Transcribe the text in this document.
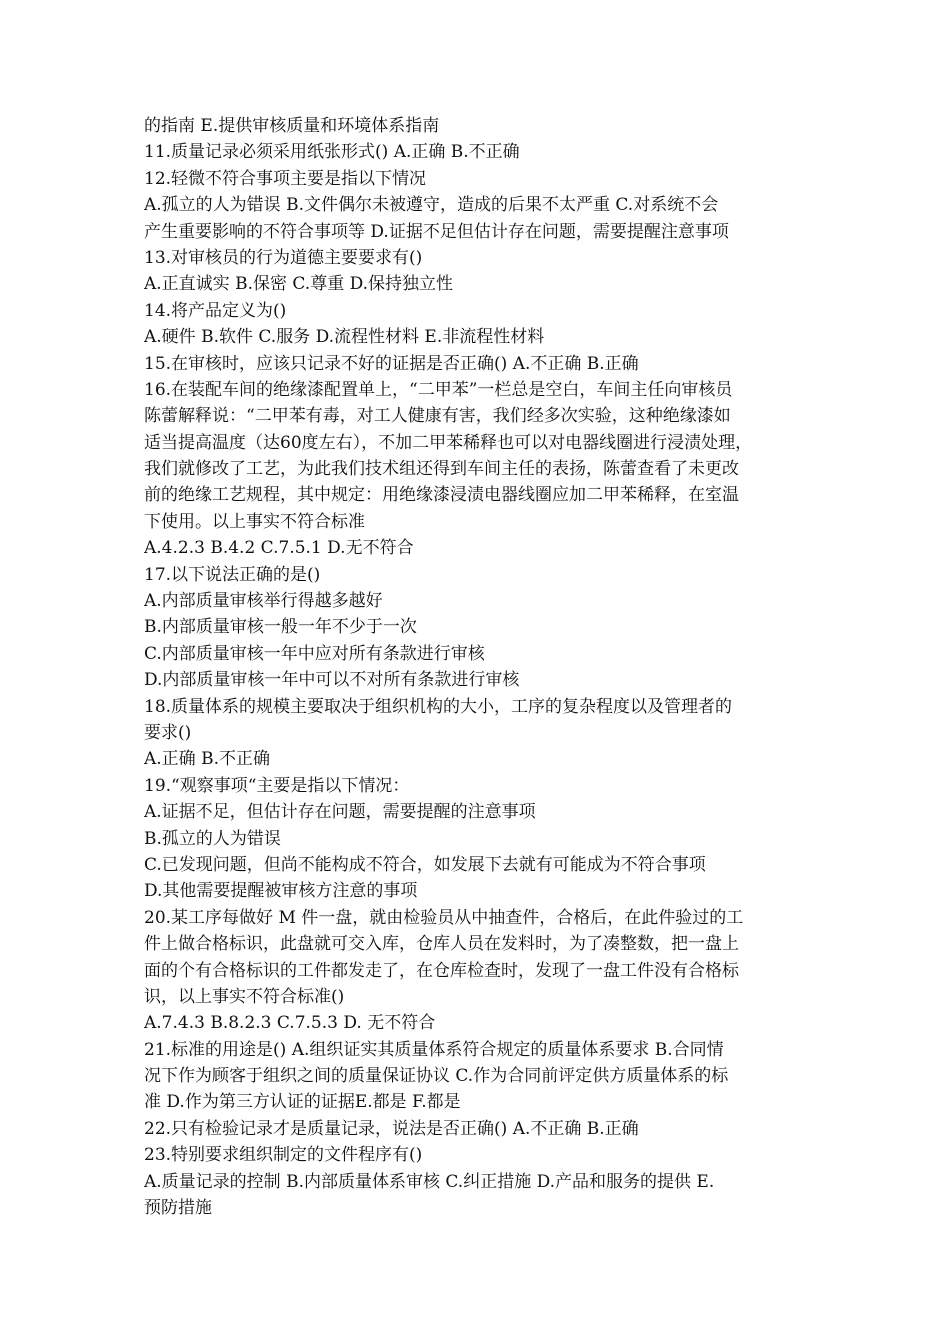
的指南 E.提供审核质量和环境体系指南
11.质量记录必须采用纸张形式() A.正确 B.不正确
12.轻微不符合事项主要是指以下情况
A.孤立的人为错误 B.文件偶尔未被遵守，造成的后果不太严重 C.对系统不会
产生重要影响的不符合事项等 D.证据不足但估计存在问题，需要提醒注意事项
13.对审核员的行为道德主要要求有()
A.正直诚实 B.保密 C.尊重 D.保持独立性
14.将产品定义为()
A.硬件 B.软件 C.服务 D.流程性材料 E.非流程性材料
15.在审核时，应该只记录不好的证据是否正确() A.不正确 B.正确
16.在装配车间的绝缘漆配置单上，“二甲苯”一栏总是空白，车间主任向审核员
陈蕾解释说：“二甲苯有毒，对工人健康有害，我们经多次实验，这种绝缘漆如
适当提高温度（达60度左右），不加二甲苯稀释也可以对电器线圈进行浸渍处理，
我们就修改了工艺，为此我们技术组还得到车间主任的表扬，陈蕾查看了未更改
前的绝缘工艺规程，其中规定：用绝缘漆浸渍电器线圈应加二甲苯稀释，在室温
下使用。以上事实不符合标准
A.4.2.3 B.4.2 C.7.5.1 D.无不符合
17.以下说法正确的是()
A.内部质量审核举行得越多越好
B.内部质量审核一般一年不少于一次
C.内部质量审核一年中应对所有条款进行审核
D.内部质量审核一年中可以不对所有条款进行审核
18.质量体系的规模主要取决于组织机构的大小，工序的复杂程度以及管理者的
要求()
A.正确 B.不正确
19.“观察事项“主要是指以下情况：
A.证据不足，但估计存在问题，需要提醒的注意事项
B.孤立的人为错误
C.已发现问题，但尚不能构成不符合，如发展下去就有可能成为不符合事项
D.其他需要提醒被审核方注意的事项
20.某工序每做好 M 件一盘，就由检验员从中抽查件，合格后，在此件验过的工
件上做合格标识，此盘就可交入库，仓库人员在发料时，为了凑整数，把一盘上
面的个有合格标识的工件都发走了，在仓库检查时，发现了一盘工件没有合格标
识，以上事实不符合标准()
A.7.4.3 B.8.2.3 C.7.5.3 D. 无不符合
21.标准的用途是() A.组织证实其质量体系符合规定的质量体系要求 B.合同情
况下作为顾客于组织之间的质量保证协议 C.作为合同前评定供方质量体系的标
准 D.作为第三方认证的证据E.都是 F.都是
22.只有检验记录才是质量记录，说法是否正确() A.不正确 B.正确
23.特别要求组织制定的文件程序有()
A.质量记录的控制 B.内部质量体系审核 C.纠正措施 D.产品和服务的提供 E.
预防措施
